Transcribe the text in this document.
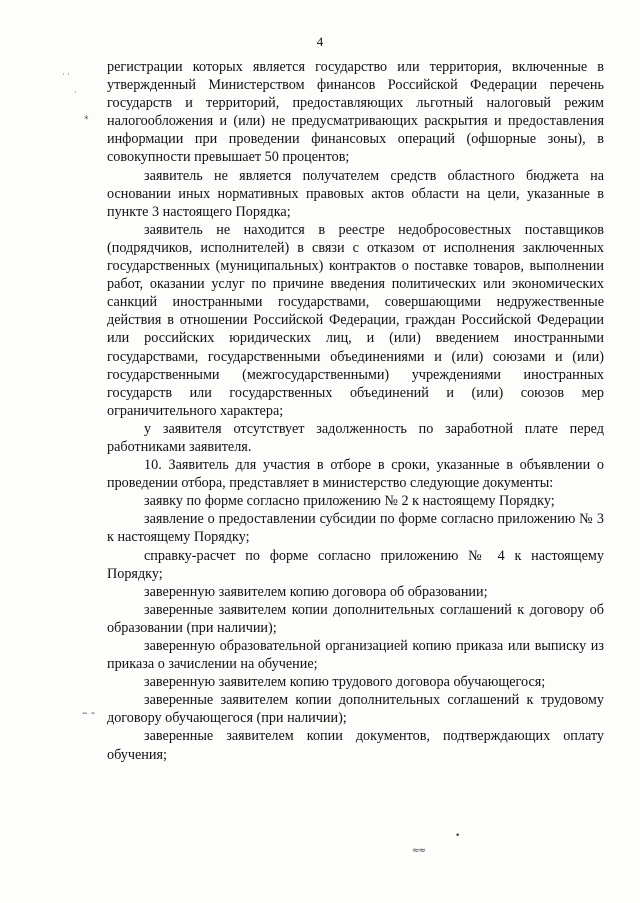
4

регистрации которых является государство или территория, включенные в утвержденный Министерством финансов Российской Федерации перечень государств и территорий, предоставляющих льготный налоговый режим налогообложения и (или) не предусматривающих раскрытия и предоставления информации при проведении финансовых операций (офшорные зоны), в совокупности превышает 50 процентов;

заявитель не является получателем средств областного бюджета на основании иных нормативных правовых актов области на цели, указанные в пункте 3 настоящего Порядка;

заявитель не находится в реестре недобросовестных поставщиков (подрядчиков, исполнителей) в связи с отказом от исполнения заключенных государственных (муниципальных) контрактов о поставке товаров, выполнении работ, оказании услуг по причине введения политических или экономических санкций иностранными государствами, совершающими недружественные действия в отношении Российской Федерации, граждан Российской Федерации или российских юридических лиц, и (или) введением иностранными государствами, государственными объединениями и (или) союзами и (или) государственными (межгосударственными) учреждениями иностранных государств или государственных объединений и (или) союзов мер ограничительного характера;

у заявителя отсутствует задолженность по заработной плате перед работниками заявителя.

10. Заявитель для участия в отборе в сроки, указанные в объявлении о проведении отбора, представляет в министерство следующие документы:

заявку по форме согласно приложению № 2 к настоящему Порядку;

заявление о предоставлении субсидии по форме согласно приложению № 3 к настоящему Порядку;

справку-расчет по форме согласно приложению № 4 к настоящему Порядку;

заверенную заявителем копию договора об образовании;

заверенные заявителем копии дополнительных соглашений к договору об образовании (при наличии);

заверенную образовательной организацией копию приказа или выписку из приказа о зачислении на обучение;

заверенную заявителем копию трудового договора обучающегося;

заверенные заявителем копии дополнительных соглашений к трудовому договору обучающегося (при наличии);

заверенные заявителем копии документов, подтверждающих оплату обучения;

· ·
·
⁎
– ‐
•
≈≈
